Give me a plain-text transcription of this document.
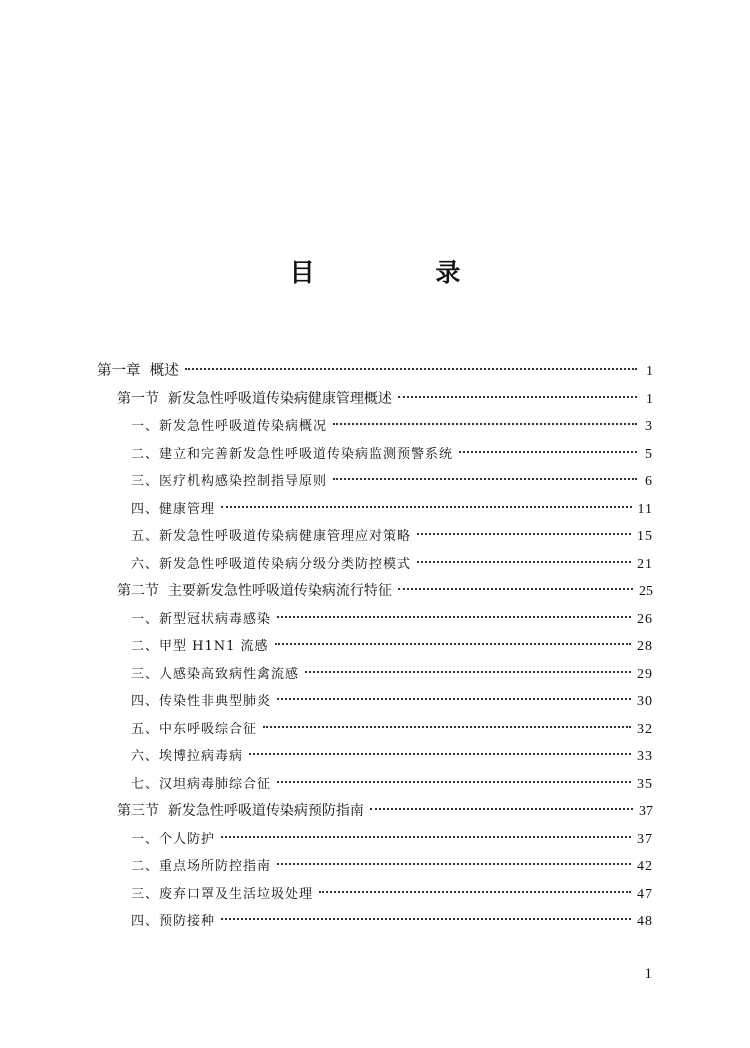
目 录
第一章 概述	1
第一节 新发急性呼吸道传染病健康管理概述	1
一、 新发急性呼吸道传染病概况	3
二、 建立和完善新发急性呼吸道传染病监测预警系统	5
三、 医疗机构感染控制指导原则	6
四、 健康管理	11
五、 新发急性呼吸道传染病健康管理应对策略	15
六、 新发急性呼吸道传染病分级分类防控模式	21
第二节 主要新发急性呼吸道传染病流行特征	25
一、 新型冠状病毒感染	26
二、 甲型 H1N1 流感	28
三、 人感染高致病性禽流感	29
四、 传染性非典型肺炎	30
五、 中东呼吸综合征	32
六、 埃博拉病毒病	33
七、 汉坦病毒肺综合征	35
第三节 新发急性呼吸道传染病预防指南	37
一、 个人防护	37
二、 重点场所防控指南	42
三、 废弃口罩及生活垃圾处理	47
四、 预防接种	48
1
